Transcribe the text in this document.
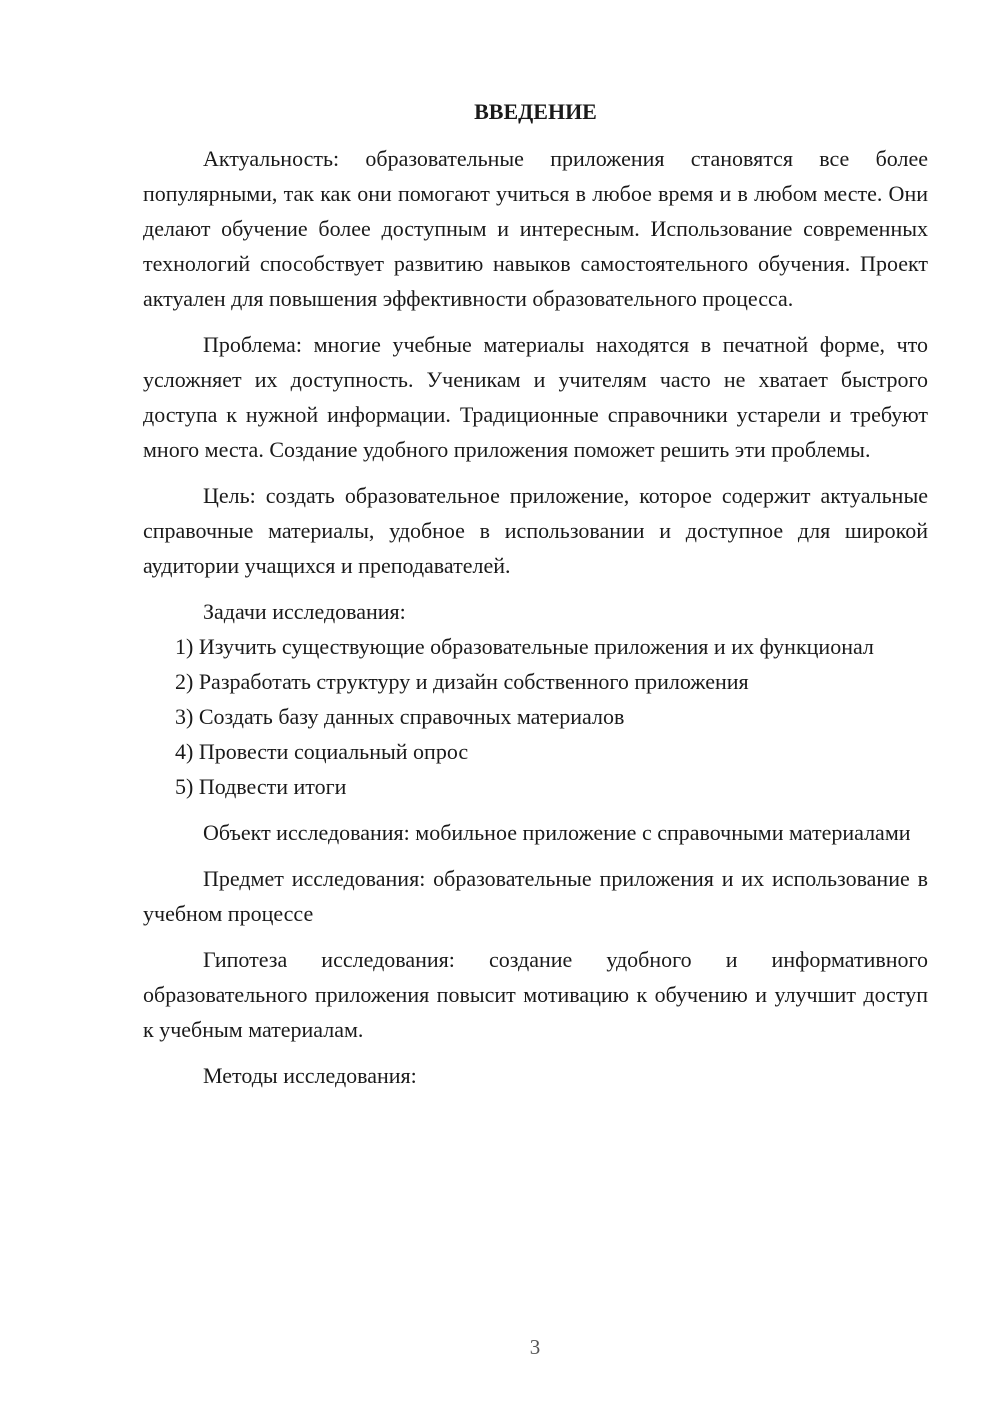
ВВЕДЕНИЕ

Актуальность: образовательные приложения становятся все более популярными, так как они помогают учиться в любое время и в любом месте. Они делают обучение более доступным и интересным. Использование современных технологий способствует развитию навыков самостоятельного обучения. Проект актуален для повышения эффективности образовательного процесса.

Проблема: многие учебные материалы находятся в печатной форме, что усложняет их доступность. Ученикам и учителям часто не хватает быстрого доступа к нужной информации. Традиционные справочники устарели и требуют много места. Создание удобного приложения поможет решить эти проблемы.

Цель: создать образовательное приложение, которое содержит актуальные справочные материалы, удобное в использовании и доступное для широкой аудитории учащихся и преподавателей.

Задачи исследования:

1) Изучить существующие образовательные приложения и их функционал

2) Разработать структуру и дизайн собственного приложения

3) Создать базу данных справочных материалов

4) Провести социальный опрос

5) Подвести итоги

Объект исследования: мобильное приложение с справочными материалами

Предмет исследования: образовательные приложения и их использование в учебном процессе

Гипотеза исследования: создание удобного и информативного образовательного приложения повысит мотивацию к обучению и улучшит доступ к учебным материалам.

Методы исследования:

3
